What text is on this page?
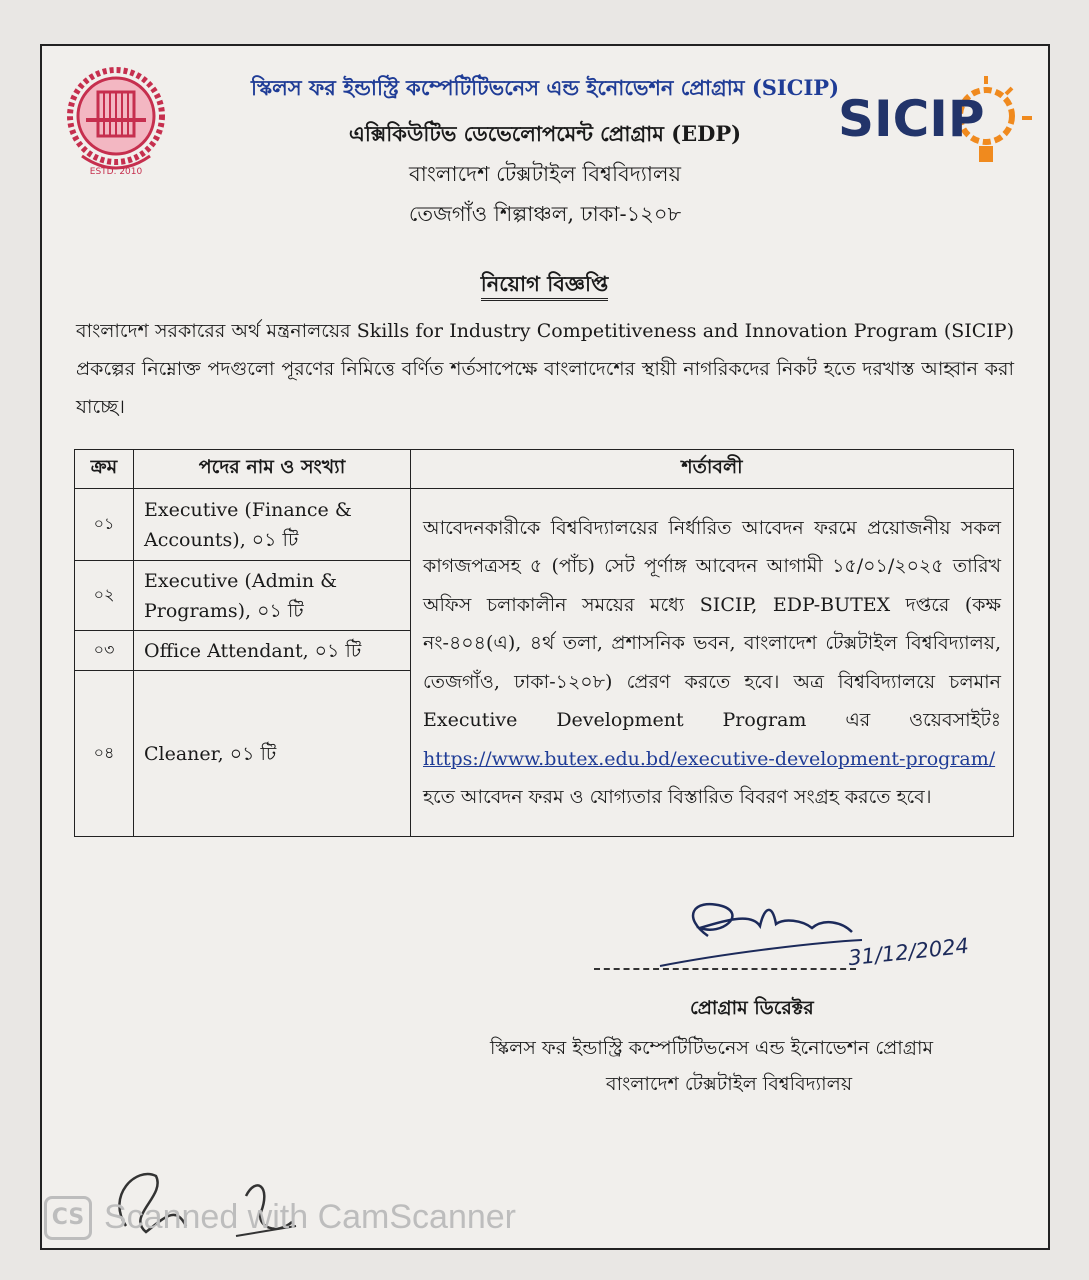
ESTD. 2010
SICIP
স্কিলস ফর ইন্ডাস্ট্রি কম্পেটিটিভনেস এন্ড ইনোভেশন প্রোগ্রাম (SICIP)
এক্সিকিউটিভ ডেভেলোপমেন্ট প্রোগ্রাম (EDP)
বাংলাদেশ টেক্সটাইল বিশ্ববিদ্যালয়
তেজগাঁও শিল্পাঞ্চল, ঢাকা-১২০৮
নিয়োগ বিজ্ঞপ্তি
বাংলাদেশ সরকারের অর্থ মন্ত্রনালয়ের Skills for Industry Competitiveness and Innovation Program (SICIP) প্রকল্পের নিম্নোক্ত পদগুলো পূরণের নিমিত্তে বর্ণিত শর্তসাপেক্ষে বাংলাদেশের স্থায়ী নাগরিকদের নিকট হতে দরখাস্ত আহ্বান করা যাচ্ছে।
ক্রম	পদের নাম ও সংখ্যা	শর্তাবলী
০১	Executive (Finance & Accounts), ০১ টি	আবেদনকারীকে বিশ্ববিদ্যালয়ের নির্ধারিত আবেদন ফরমে প্রয়োজনীয় সকল কাগজপত্রসহ ৫ (পাঁচ) সেট পূর্ণাঙ্গ আবেদন আগামী ১৫/০১/২০২৫ তারিখ অফিস চলাকালীন সময়ের মধ্যে SICIP, EDP-BUTEX দপ্তরে (কক্ষ নং-৪০৪(এ), ৪র্থ তলা, প্রশাসনিক ভবন, বাংলাদেশ টেক্সটাইল বিশ্ববিদ্যালয়, তেজগাঁও, ঢাকা-১২০৮) প্রেরণ করতে হবে। অত্র বিশ্ববিদ্যালয়ে চলমান Executive Development Program এর ওয়েবসাইটঃ https://www.butex.edu.bd/executive-development-program/ হতে আবেদন ফরম ও যোগ্যতার বিস্তারিত বিবরণ সংগ্রহ করতে হবে।
০২	Executive (Admin & Programs), ০১ টি	
০৩	Office Attendant, ০১ টি	
০৪	Cleaner, ০১ টি	
31/12/2024
প্রোগ্রাম ডিরেক্টর
স্কিলস ফর ইন্ডাস্ট্রি কম্পেটিটিভনেস এন্ড ইনোভেশন প্রোগ্রাম
বাংলাদেশ টেক্সটাইল বিশ্ববিদ্যালয়
CS Scanned with CamScanner
